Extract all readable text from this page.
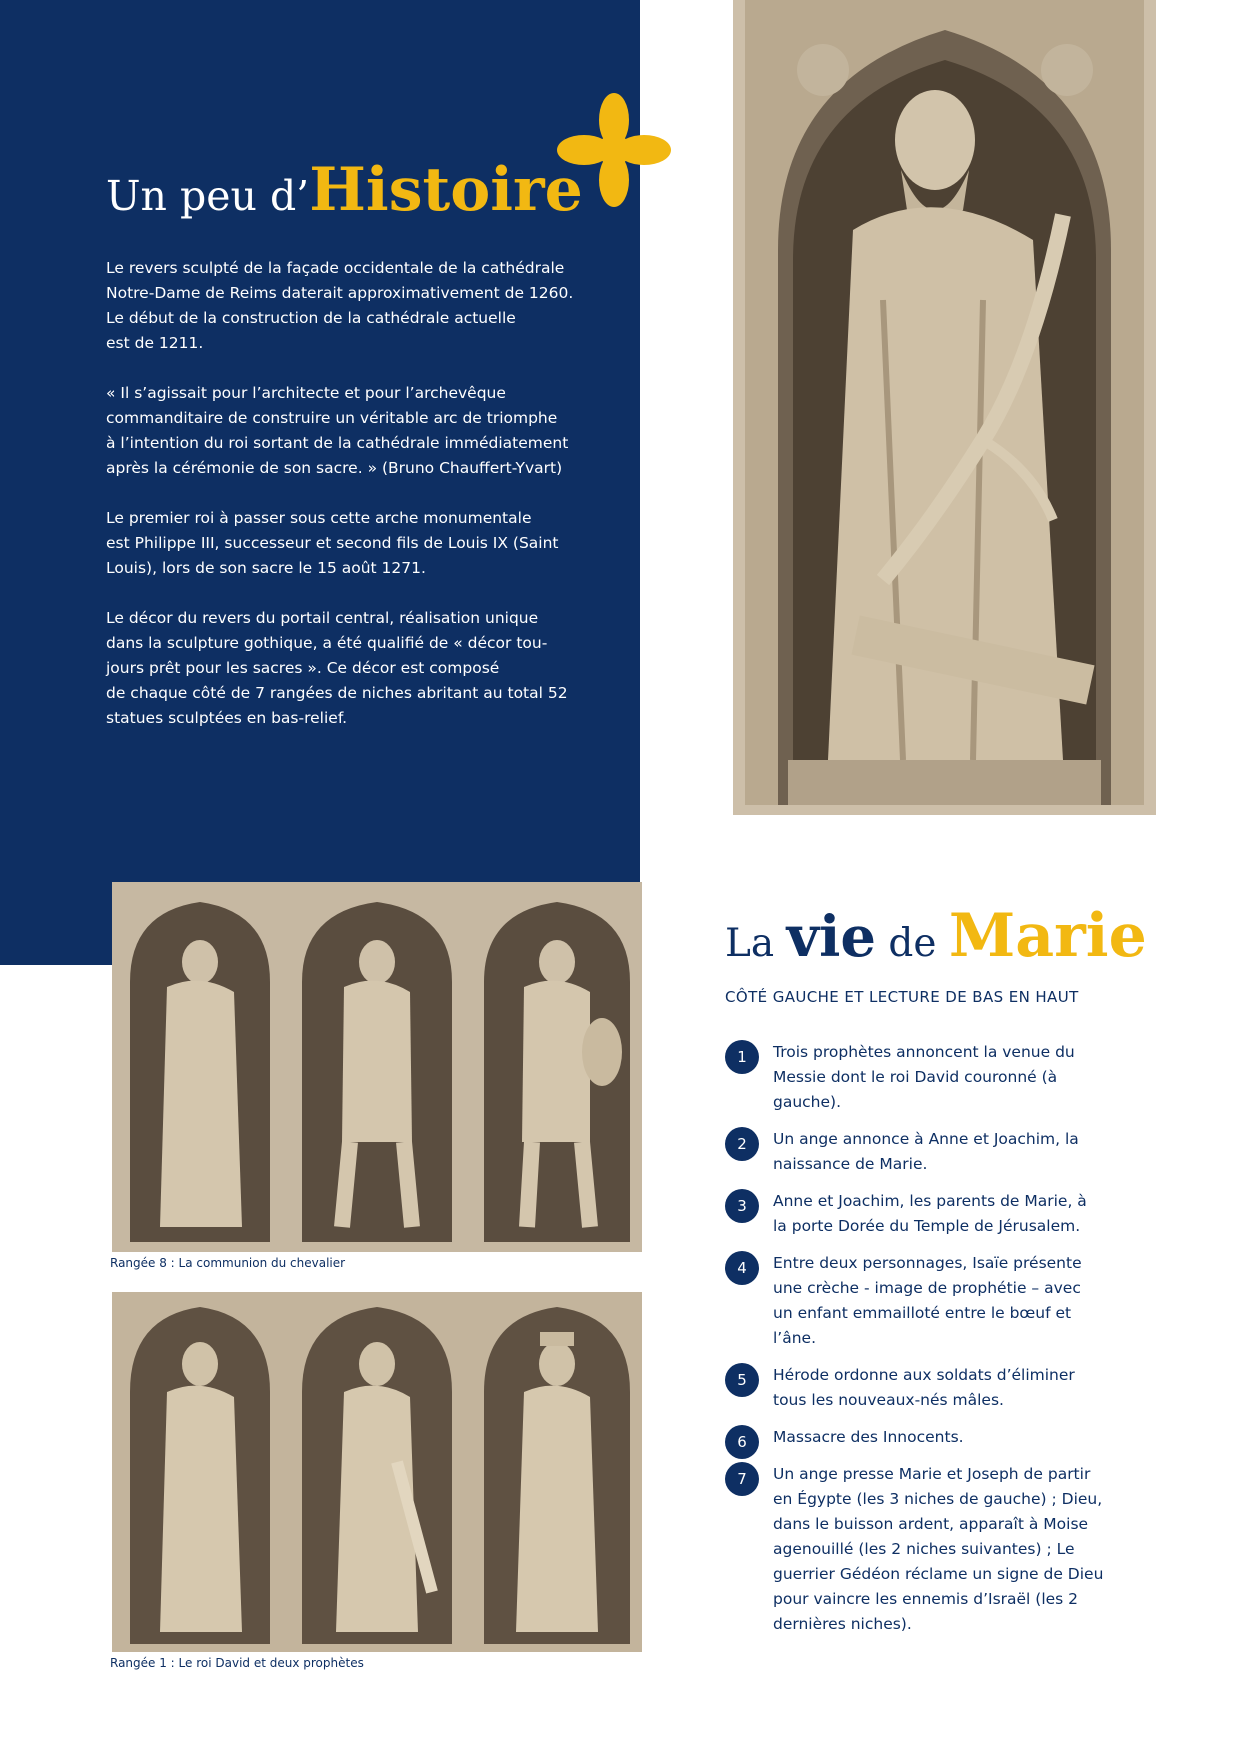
Un peu d’Histoire

Le revers sculpté de la façade occidentale de la cathédrale
Notre-Dame de Reims daterait approximativement de 1260.
Le début de la construction de la cathédrale actuelle
est de 1211.

« Il s’agissait pour l’architecte et pour l’archevêque
commanditaire de construire un véritable arc de triomphe
à l’intention du roi sortant de la cathédrale immédiatement
après la cérémonie de son sacre. » (Bruno Chauffert-Yvart)

Le premier roi à passer sous cette arche monumentale
est Philippe III, successeur et second fils de Louis IX (Saint
Louis), lors de son sacre le 15 août 1271.

Le décor du revers du portail central, réalisation unique
dans la sculpture gothique, a été qualifié de « décor tou-
jours prêt pour les sacres ». Ce décor est composé
de chaque côté de 7 rangées de niches abritant au total 52
statues sculptées en bas-relief.

Rangée 8 : La communion du chevalier

Rangée 1 : Le roi David et deux prophètes

La vie de Marie

CÔTÉ GAUCHE ET LECTURE DE BAS EN HAUT

1	Trois prophètes annoncent la venue du Messie dont le roi David couronné (à gauche).
2	Un ange annonce à Anne et Joachim, la naissance de Marie.
3	Anne et Joachim, les parents de Marie, à la porte Dorée du Temple de Jérusalem.
4	Entre deux personnages, Isaïe présente une crèche - image de prophétie – avec un enfant emmailloté entre le bœuf et l’âne.
5	Hérode ordonne aux soldats d’éliminer tous les nouveaux-nés mâles.
6	Massacre des Innocents.
7	Un ange presse Marie et Joseph de partir en Égypte (les 3 niches de gauche) ; Dieu, dans le buisson ardent, apparaît à Moise agenouillé (les 2 niches suivantes) ; Le guerrier Gédéon réclame un signe de Dieu pour vaincre les ennemis d’Israël (les 2 dernières niches).
